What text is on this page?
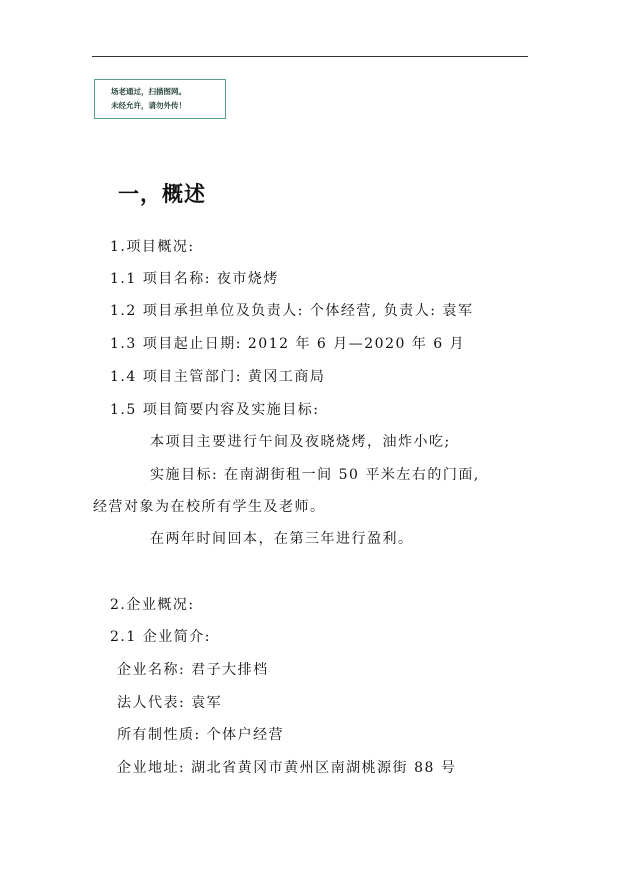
场老通过，扫描图网。
未经允许，请勿外传！
一，概述
1.项目概况:
1.1 项目名称: 夜市烧烤
1.2 项目承担单位及负责人: 个体经营, 负责人: 袁军
1.3 项目起止日期: 2012 年 6 月—2020 年 6 月
1.4 项目主管部门: 黄冈工商局
1.5 项目简要内容及实施目标:
本项目主要进行午间及夜晓烧烤，油炸小吃;
实施目标: 在南湖街租一间 50 平米左右的门面,
经营对象为在校所有学生及老师。
在两年时间回本，在第三年进行盈利。
2.企业概况:
2.1 企业简介:
企业名称: 君子大排档
法人代表: 袁军
所有制性质: 个体户经营
企业地址: 湖北省黄冈市黄州区南湖桃源街 88 号
